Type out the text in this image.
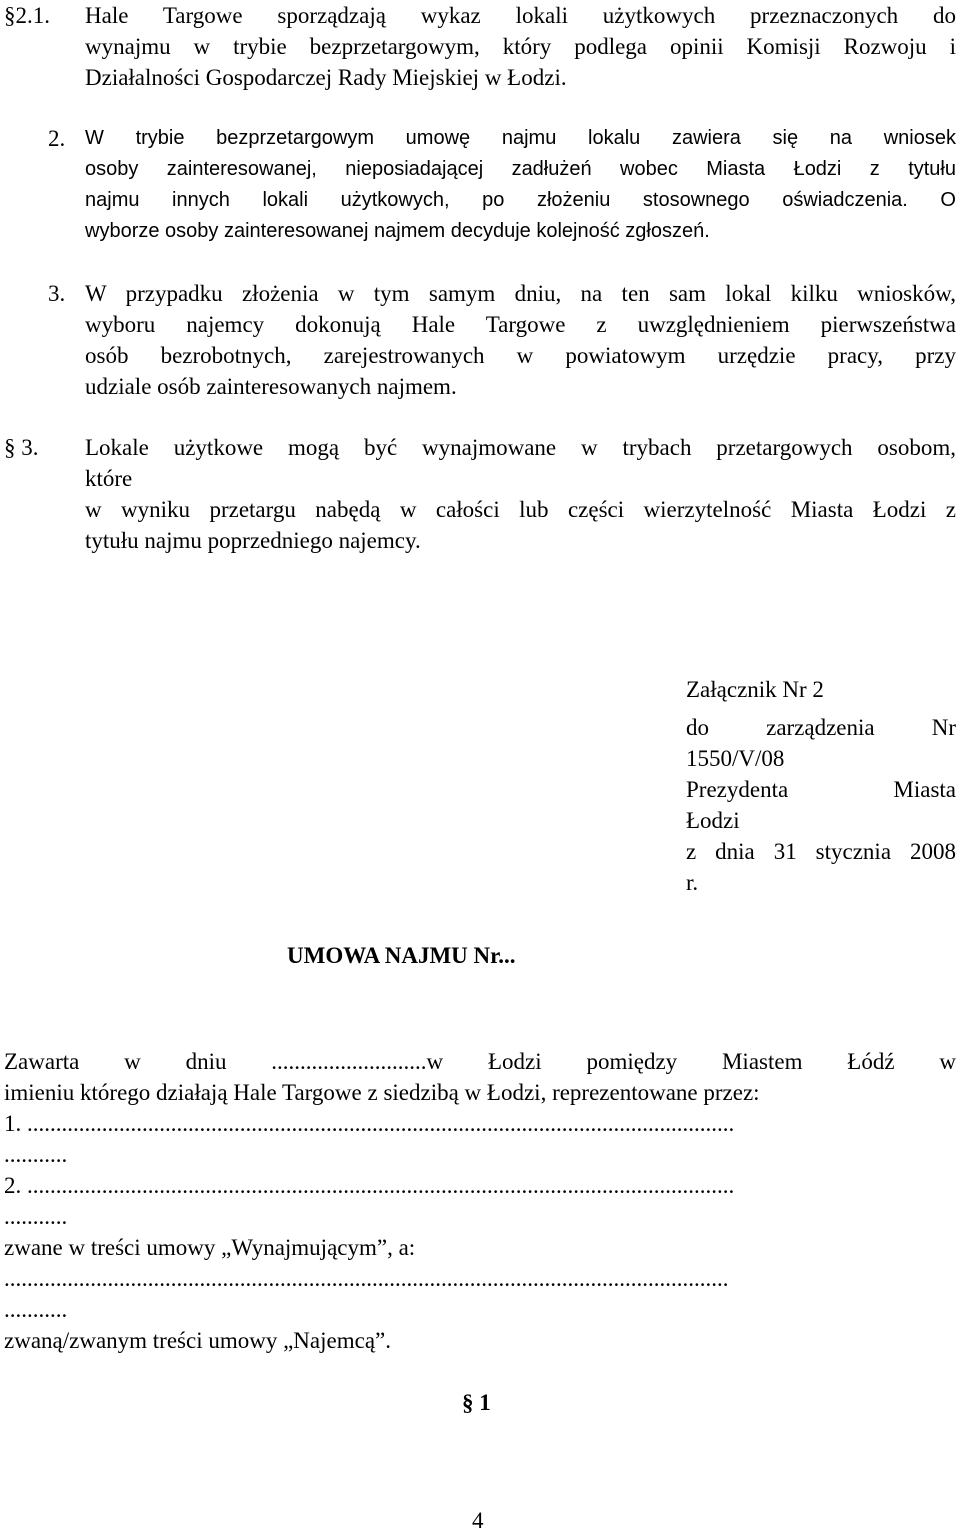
§2.1. Hale Targowe sporządzają wykaz lokali użytkowych przeznaczonych do
wynajmu w trybie bezprzetargowym, który podlega opinii Komisji Rozwoju i
Działalności Gospodarczej Rady Miejskiej w Łodzi.
2. W trybie bezprzetargowym umowę najmu lokalu zawiera się na wniosek
osoby zainteresowanej, nieposiadającej zadłużeń wobec Miasta Łodzi z tytułu
najmu innych lokali użytkowych, po złożeniu stosownego oświadczenia. O
wyborze osoby zainteresowanej najmem decyduje kolejność zgłoszeń.
3. W przypadku złożenia w tym samym dniu, na ten sam lokal kilku wniosków,
wyboru najemcy dokonują Hale Targowe z uwzględnieniem pierwszeństwa
osób bezrobotnych, zarejestrowanych w powiatowym urzędzie pracy, przy
udziale osób zainteresowanych najmem.
§ 3. Lokale użytkowe mogą być wynajmowane w trybach przetargowych osobom,
które
w wyniku przetargu nabędą w całości lub części wierzytelność Miasta Łodzi z
tytułu najmu poprzedniego najemcy.
Załącznik Nr 2
do zarządzenia Nr
1550/V/08
Prezydenta Miasta
Łodzi
z dnia 31 stycznia 2008
r.
UMOWA NAJMU Nr...
Zawarta w dniu ...........................w Łodzi pomiędzy Miastem Łódź w
imieniu którego działają Hale Targowe z siedzibą w Łodzi, reprezentowane przez:
1. ...........................................................................................................................
...........
2. ...........................................................................................................................
...........
zwane w treści umowy „Wynajmującym”, a:
..............................................................................................................................
...........
zwaną/zwanym treści umowy „Najemcą”.
§ 1
4
